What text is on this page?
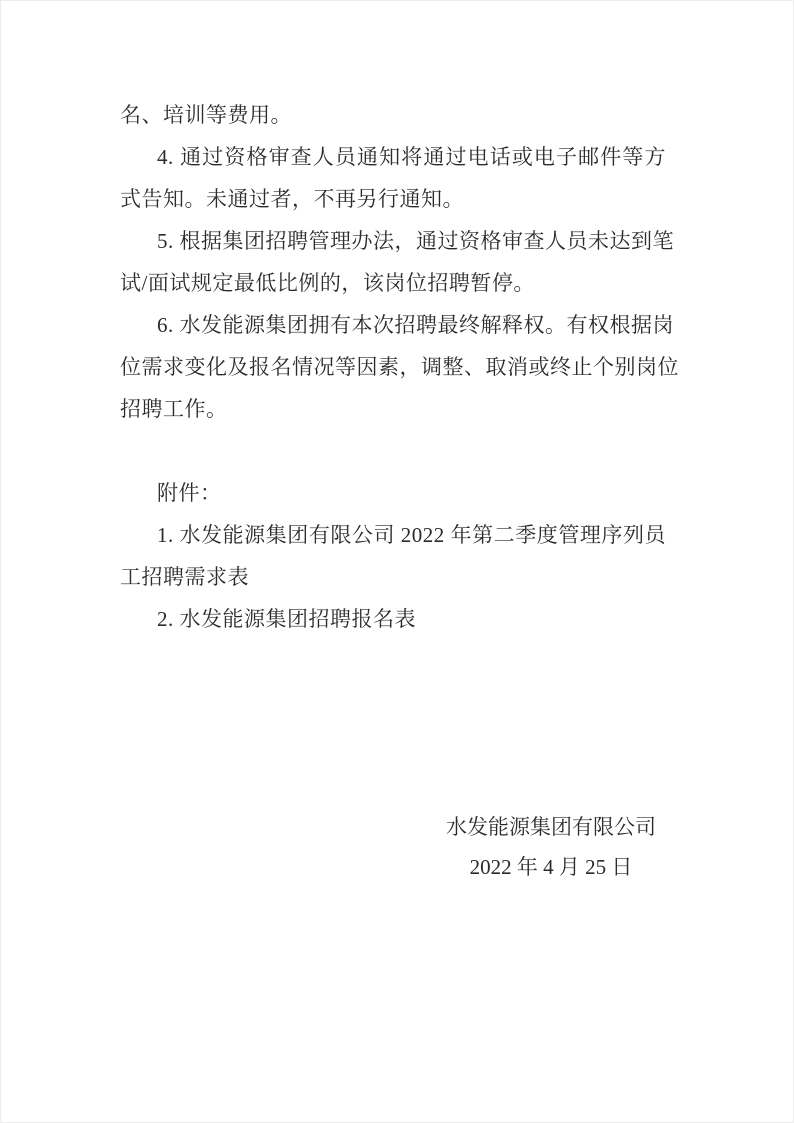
名、培训等费用。
4. 通过资格审查人员通知将通过电话或电子邮件等方
式告知。未通过者，不再另行通知。
5. 根据集团招聘管理办法，通过资格审查人员未达到笔
试/面试规定最低比例的，该岗位招聘暂停。
6. 水发能源集团拥有本次招聘最终解释权。有权根据岗
位需求变化及报名情况等因素，调整、取消或终止个别岗位
招聘工作。
附件：
1. 水发能源集团有限公司 2022 年第二季度管理序列员
工招聘需求表
2. 水发能源集团招聘报名表
水发能源集团有限公司
2022 年 4 月 25 日
